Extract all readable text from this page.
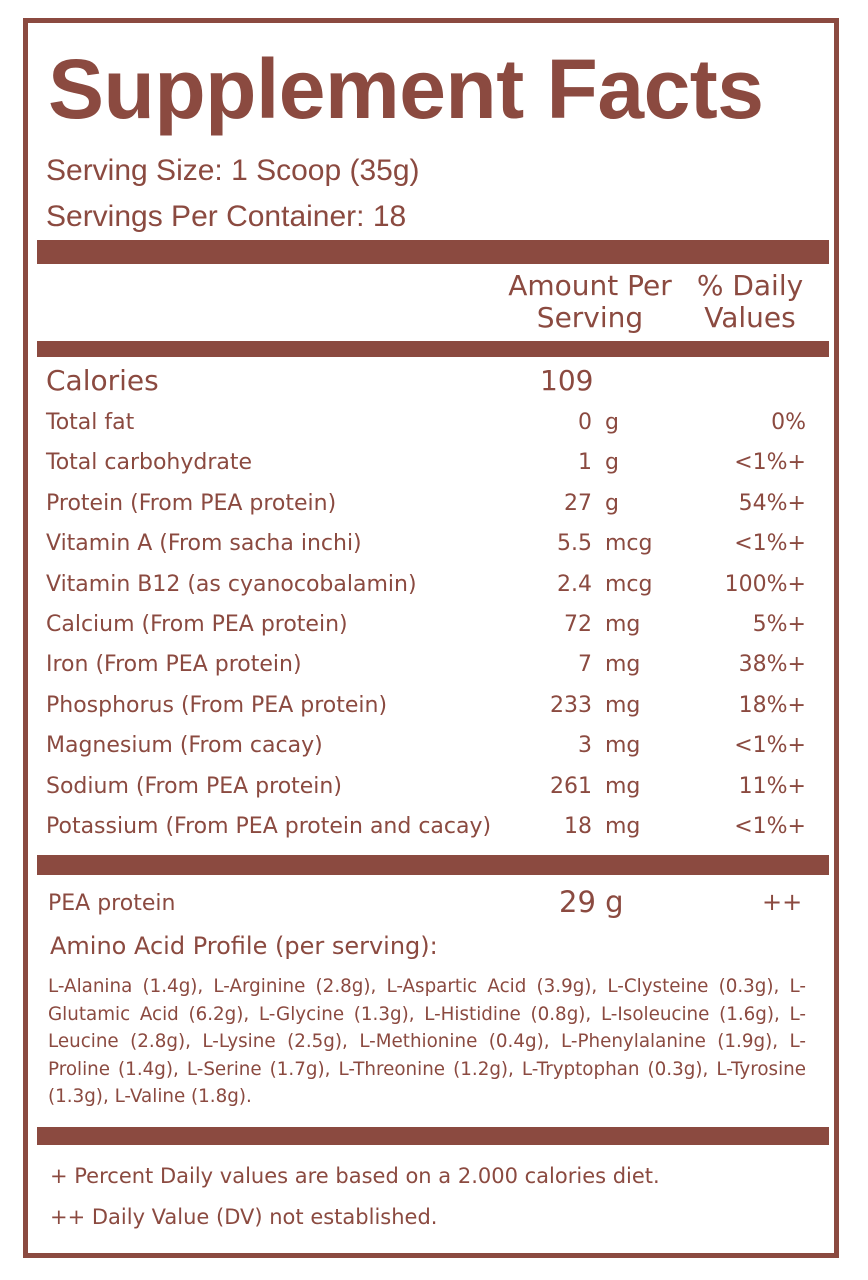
Supplement Facts
Serving Size: 1 Scoop (35g)
Servings Per Container: 18
Amount Per
Serving
% Daily
Values
Calories	109
Total fat	0 g	0%
Total carbohydrate	1 g	<1%+
Protein (From PEA protein)	27 g	54%+
Vitamin A (From sacha inchi)	5.5 mcg	<1%+
Vitamin B12 (as cyanocobalamin)	2.4 mcg	100%+
Calcium (From PEA protein)	72 mg	5%+
Iron (From PEA protein)	7 mg	38%+
Phosphorus (From PEA protein)	233 mg	18%+
Magnesium (From cacay)	3 mg	<1%+
Sodium (From PEA protein)	261 mg	11%+
Potassium (From PEA protein and cacay)	18 mg	<1%+
PEA protein	29 g	++
Amino Acid Profile (per serving):
L-Alanina (1.4g), L-Arginine (2.8g), L-Aspartic Acid (3.9g), L-Clysteine (0.3g), L-Glutamic Acid (6.2g), L-Glycine (1.3g), L-Histidine (0.8g), L-Isoleucine (1.6g), L-Leucine (2.8g), L-Lysine (2.5g), L-Methionine (0.4g), L-Phenylalanine (1.9g), L-Proline (1.4g), L-Serine (1.7g), L-Threonine (1.2g), L-Tryptophan (0.3g), L-Tyrosine (1.3g), L-Valine (1.8g).
+ Percent Daily values are based on a 2.000 calories diet.
++ Daily Value (DV) not established.
